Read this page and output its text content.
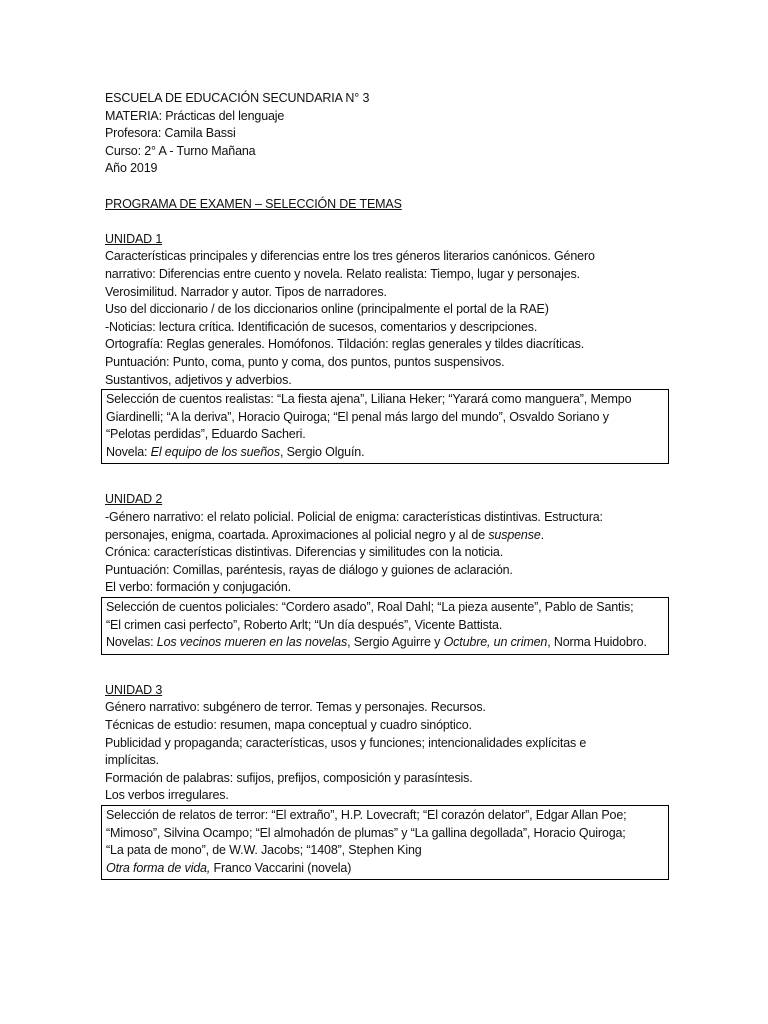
ESCUELA DE EDUCACIÓN SECUNDARIA N° 3
MATERIA: Prácticas del lenguaje
Profesora: Camila Bassi
Curso: 2° A - Turno Mañana
Año 2019
PROGRAMA DE EXAMEN – SELECCIÓN DE TEMAS
UNIDAD 1
Características principales y diferencias entre los tres géneros literarios canónicos. Género
narrativo: Diferencias entre cuento y novela. Relato realista: Tiempo, lugar y personajes.
Verosimilitud. Narrador y autor. Tipos de narradores.
Uso del diccionario / de los diccionarios online (principalmente el portal de la RAE)
-Noticias: lectura crítica. Identificación de sucesos, comentarios y descripciones.
Ortografía: Reglas generales. Homófonos. Tildación: reglas generales y tildes diacríticas.
Puntuación: Punto, coma, punto y coma, dos puntos, puntos suspensivos.
Sustantivos, adjetivos y adverbios.
Selección de cuentos realistas: “La fiesta ajena”, Liliana Heker; “Yarará como manguera”, Mempo
Giardinelli; “A la deriva”, Horacio Quiroga; “El penal más largo del mundo”, Osvaldo Soriano y
“Pelotas perdidas”, Eduardo Sacheri.
Novela: El equipo de los sueños, Sergio Olguín.
UNIDAD 2
-Género narrativo: el relato policial. Policial de enigma: características distintivas. Estructura:
personajes, enigma, coartada. Aproximaciones al policial negro y al de suspense.
Crónica: características distintivas. Diferencias y similitudes con la noticia.
Puntuación: Comillas, paréntesis, rayas de diálogo y guiones de aclaración.
El verbo: formación y conjugación.
Selección de cuentos policiales: “Cordero asado”, Roal Dahl; “La pieza ausente”, Pablo de Santis;
“El crimen casi perfecto”, Roberto Arlt; “Un día después”, Vicente Battista.
Novelas: Los vecinos mueren en las novelas, Sergio Aguirre y Octubre, un crimen, Norma Huidobro.
UNIDAD 3
Género narrativo: subgénero de terror. Temas y personajes. Recursos.
Técnicas de estudio: resumen, mapa conceptual y cuadro sinóptico.
Publicidad y propaganda; características, usos y funciones; intencionalidades explícitas e
implícitas.
Formación de palabras: sufijos, prefijos, composición y parasíntesis.
Los verbos irregulares.
Selección de relatos de terror: “El extraño”, H.P. Lovecraft; “El corazón delator”, Edgar Allan Poe;
“Mimoso”, Silvina Ocampo; “El almohadón de plumas” y “La gallina degollada”, Horacio Quiroga;
“La pata de mono”, de W.W. Jacobs; “1408”, Stephen King
Otra forma de vida, Franco Vaccarini (novela)
